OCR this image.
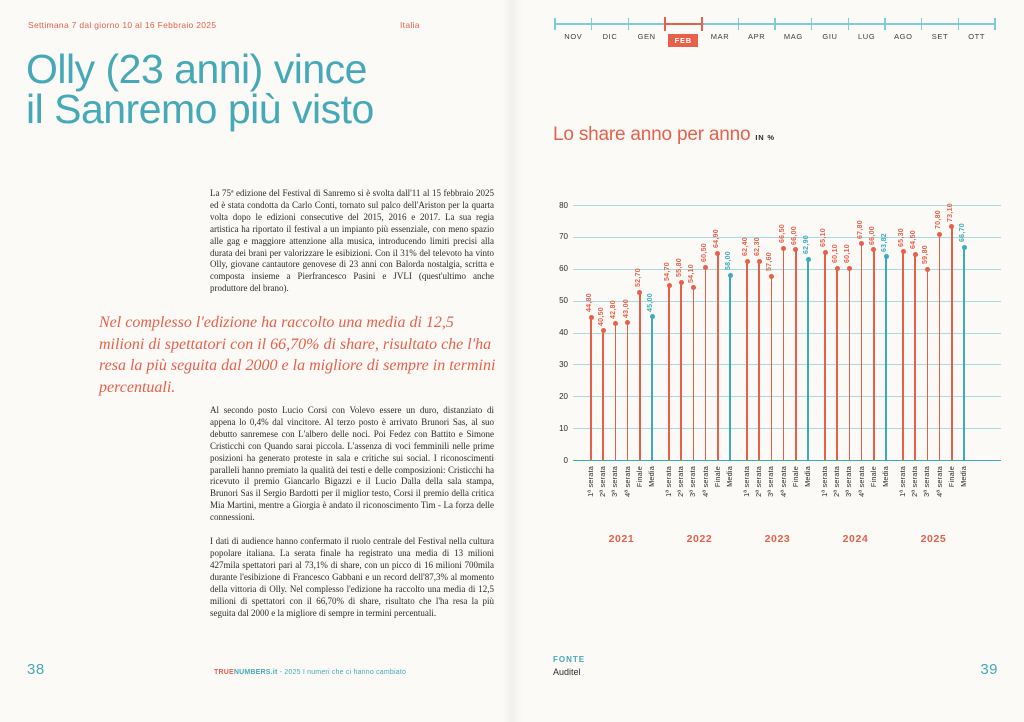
Settimana 7 dal giorno 10 al 16 Febbraio 2025	Italia
Olly (23 anni) vince
il Sanremo più visto

La 75ª edizione del Festival di Sanremo si è svolta dall'11 al 15 febbraio 2025 ed è stata condotta da Carlo Conti, tornato sul palco dell'Ariston per la quarta volta dopo le edizioni consecutive del 2015, 2016 e 2017. La sua regia artistica ha riportato il festival a un impianto più essenziale, con meno spazio alle gag e maggiore attenzione alla musica, introducendo limiti precisi alla durata dei brani per valorizzare le esibizioni. Con il 31% del televoto ha vinto Olly, giovane cantautore genovese di 23 anni con Balorda nostalgia, scritta e composta insieme a Pierfrancesco Pasini e JVLI (quest'ultimo anche produttore del brano).

Nel complesso l'edizione ha raccolto una media di 12,5 milioni di spettatori con il 66,70% di share, risultato che l'ha resa la più seguita dal 2000 e la migliore di sempre in termini percentuali.

Al secondo posto Lucio Corsi con Volevo essere un duro, distanziato di appena lo 0,4% dal vincitore. Al terzo posto è arrivato Brunori Sas, al suo debutto sanremese con L'albero delle noci. Poi Fedez con Battito e Simone Cristicchi con Quando sarai piccola. L'assenza di voci femminili nelle prime posizioni ha generato proteste in sala e critiche sui social. I riconoscimenti paralleli hanno premiato la qualità dei testi e delle composizioni: Cristicchi ha ricevuto il premio Giancarlo Bigazzi e il Lucio Dalla della sala stampa, Brunori Sas il Sergio Bardotti per il miglior testo, Corsi il premio della critica Mia Martini, mentre a Giorgia è andato il riconoscimento Tim - La forza delle connessioni.

I dati di audience hanno confermato il ruolo centrale del Festival nella cultura popolare italiana. La serata finale ha registrato una media di 13 milioni 427mila spettatori pari al 73,1% di share, con un picco di 16 milioni 700mila durante l'esibizione di Francesco Gabbani e un record dell'87,3% al momento della vittoria di Olly. Nel complesso l'edizione ha raccolto una media di 12,5 milioni di spettatori con il 66,70% di share, risultato che l'ha resa la più seguita dal 2000 e la migliore di sempre in termini percentuali.

38	TRUENUMBERS.it - 2025 I numeri che ci hanno cambiato
NOV	DIC	GEN	FEB	MAR	APR	MAG	GIU	LUG	AGO	SET	OTT
Lo share anno per anno IN %
0
10
20
30
40
50
60
70
80
44,80
1ª serata
40,50
2ª serata
42,80
3ª serata
43,00
4ª serata
52,70
Finale
45,00
Media
2021
54,70
1ª serata
55,80
2ª serata
54,10
3ª serata
60,50
4ª serata
64,90
Finale
58,00
Media
2022
62,40
1ª serata
62,30
2ª serata
57,60
3ª serata
66,50
4ª serata
66,00
Finale
62,90
Media
2023
65,10
1ª serata
60,10
2ª serata
60,10
3ª serata
67,80
4ª serata
66,00
Finale
63,82
Media
2024
65,30
1ª serata
64,50
2ª serata
59,80
3ª serata
70,80
4ª serata
73,10
Finale
66,70
Media
2025
FONTE
Auditel	39
